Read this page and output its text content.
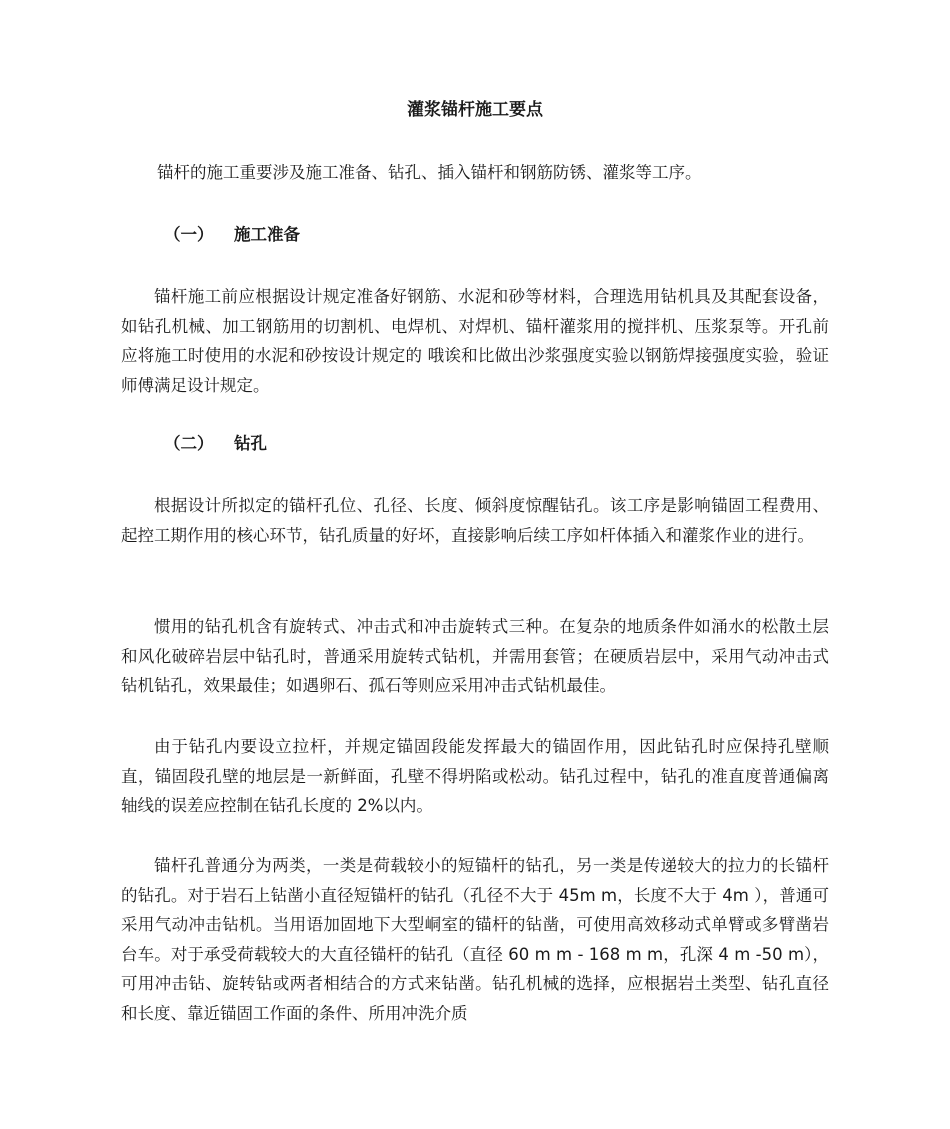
灌浆锚杆施工要点

锚杆的施工重要涉及施工准备、钻孔、插入锚杆和钢筋防锈、灌浆等工序。

（一） 施工准备

锚杆施工前应根据设计规定准备好钢筋、水泥和砂等材料，合理选用钻机具及其配套设备，如钻孔机械、加工钢筋用的切割机、电焊机、对焊机、锚杆灌浆用的搅拌机、压浆泵等。开孔前应将施工时使用的水泥和砂按设计规定的 哦诶和比做出沙浆强度实验以钢筋焊接强度实验，验证师傅满足设计规定。

（二） 钻孔

根据设计所拟定的锚杆孔位、孔径、长度、倾斜度惊醒钻孔。该工序是影响锚固工程费用、起控工期作用的核心环节，钻孔质量的好坏，直接影响后续工序如杆体插入和灌浆作业的进行。

惯用的钻孔机含有旋转式、冲击式和冲击旋转式三种。在复杂的地质条件如涌水的松散土层和风化破碎岩层中钻孔时，普通采用旋转式钻机，并需用套管；在硬质岩层中，采用气动冲击式钻机钻孔，效果最佳；如遇卵石、孤石等则应采用冲击式钻机最佳。

由于钻孔内要设立拉杆，并规定锚固段能发挥最大的锚固作用，因此钻孔时应保持孔壁顺直，锚固段孔壁的地层是一新鲜面，孔壁不得坍陷或松动。钻孔过程中，钻孔的准直度普通偏离轴线的误差应控制在钻孔长度的 2%以内。

锚杆孔普通分为两类，一类是荷载较小的短锚杆的钻孔，另一类是传递较大的拉力的长锚杆的钻孔。对于岩石上钻凿小直径短锚杆的钻孔（孔径不大于 45m m，长度不大于 4m ），普通可采用气动冲击钻机。当用语加固地下大型峒室的锚杆的钻凿，可使用高效移动式单臂或多臂凿岩台车。对于承受荷载较大的大直径锚杆的钻孔（直径 60 m m - 168 m m，孔深 4 m -50 m），可用冲击钻、旋转钻或两者相结合的方式来钻凿。钻孔机械的选择，应根据岩土类型、钻孔直径和长度、靠近锚固工作面的条件、所用冲洗介质
